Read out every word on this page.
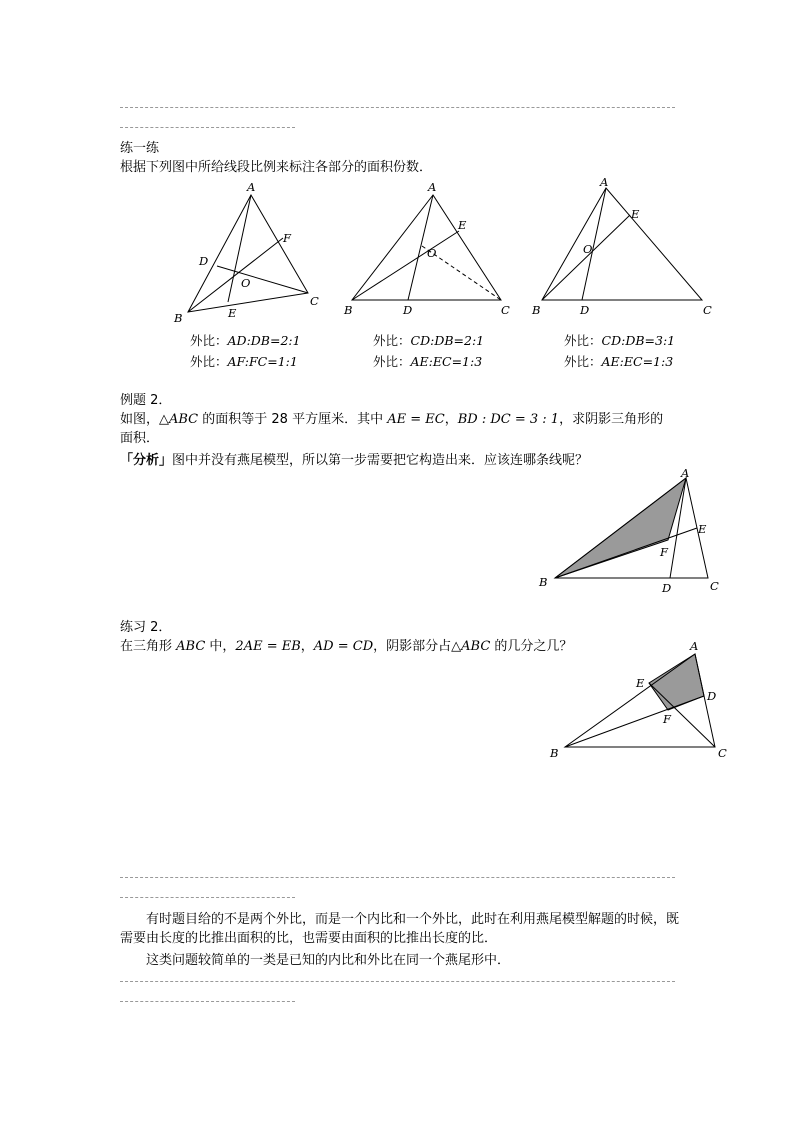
练一练
根据下列图中所给线段比例来标注各部分的面积份数．
A
B
C
D
E
F
O
外比：AD:DB=2:1
外比：AF:FC=1:1
A
B	C
D
E
O
外比：CD:DB=2:1
外比：AE:EC=1:3
A
B	C
D
E
O
外比：CD:DB=3:1
外比：AE:EC=1:3
例题 2．
如图，△ABC 的面积等于 28 平方厘米．其中 AE = EC，BD : DC = 3 : 1，求阴影三角形的
面积．
「分析」图中并没有燕尾模型，所以第一步需要把它构造出来．应该连哪条线呢？
A
B	C
D
E
F
练习 2．
在三角形 ABC 中，2AE = EB，AD = CD，阴影部分占△ABC 的几分之几？	A
B	C
D
E
F
有时题目给的不是两个外比，而是一个内比和一个外比，此时在利用燕尾模型解题的时候，既需要由长度的比推出面积的比，也需要由面积的比推出长度的比．
这类问题较简单的一类是已知的内比和外比在同一个燕尾形中．
